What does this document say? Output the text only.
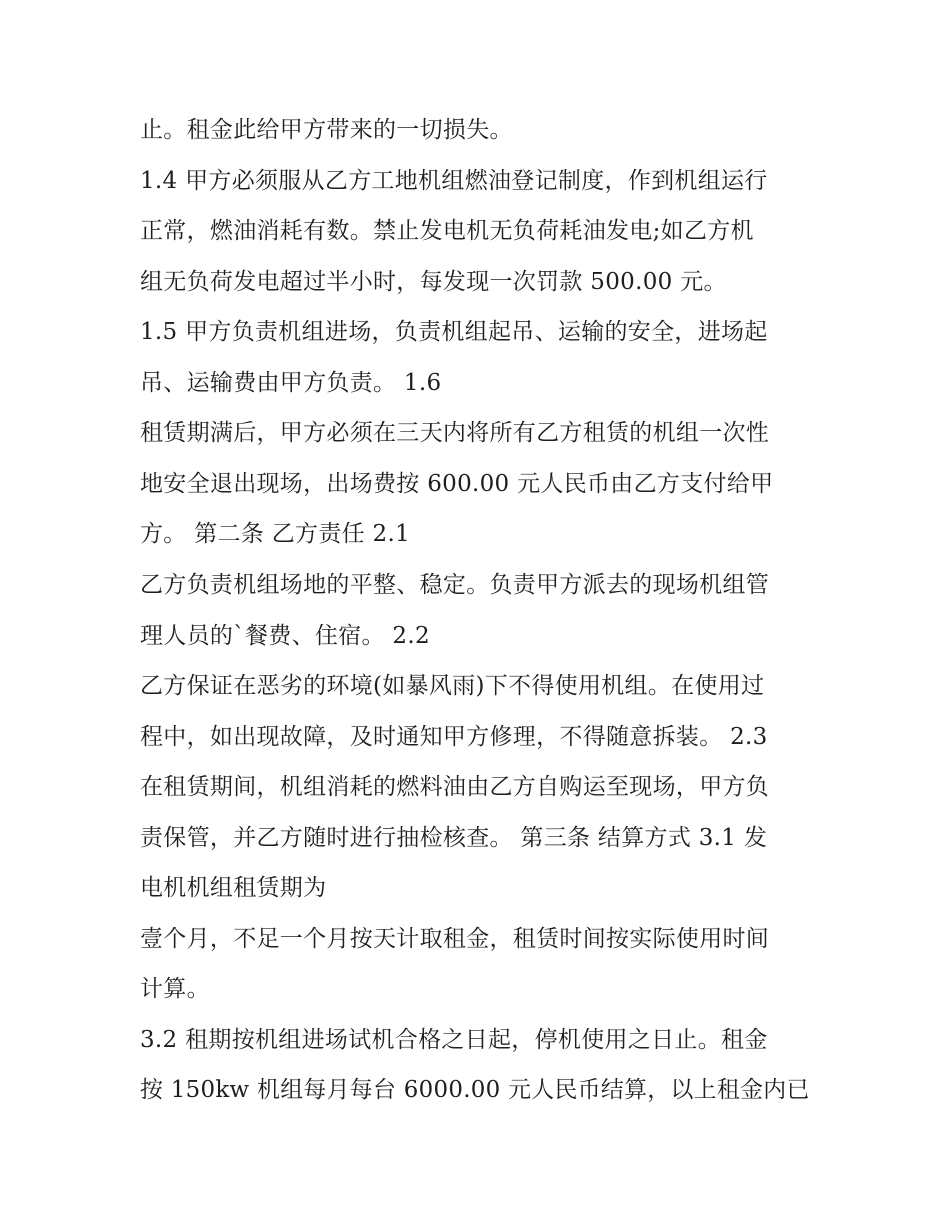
止。租金此给甲方带来的一切损失。
1.4 甲方必须服从乙方工地机组燃油登记制度，作到机组运行
正常，燃油消耗有数。禁止发电机无负荷耗油发电;如乙方机
组无负荷发电超过半小时，每发现一次罚款 500.00 元。
1.5 甲方负责机组进场，负责机组起吊、运输的安全，进场起
吊、运输费由甲方负责。 1.6
租赁期满后，甲方必须在三天内将所有乙方租赁的机组一次性
地安全退出现场，出场费按 600.00 元人民币由乙方支付给甲
方。 第二条 乙方责任 2.1
乙方负责机组场地的平整、稳定。负责甲方派去的现场机组管
理人员的`餐费、住宿。 2.2
乙方保证在恶劣的环境(如暴风雨)下不得使用机组。在使用过
程中，如出现故障，及时通知甲方修理，不得随意拆装。 2.3
在租赁期间，机组消耗的燃料油由乙方自购运至现场，甲方负
责保管，并乙方随时进行抽检核查。 第三条 结算方式 3.1 发
电机机组租赁期为
壹个月，不足一个月按天计取租金，租赁时间按实际使用时间
计算。
3.2 租期按机组进场试机合格之日起，停机使用之日止。租金
按 150kw 机组每月每台 6000.00 元人民币结算，以上租金内已
